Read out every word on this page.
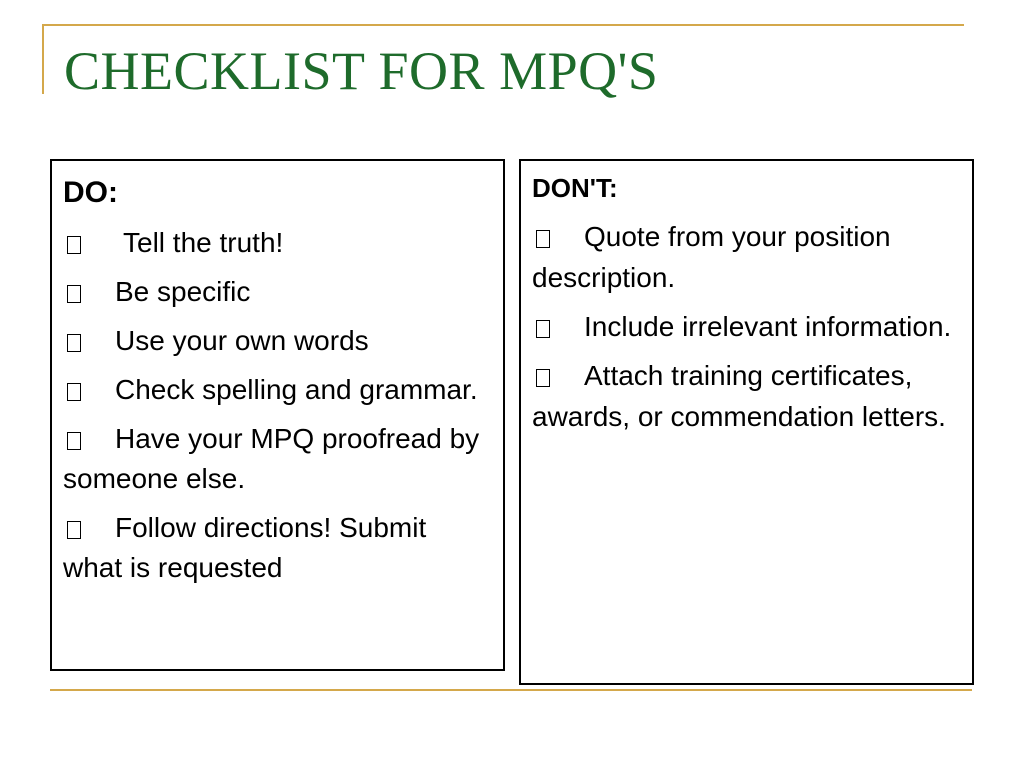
CHECKLIST FOR MPQ'S
DO:
Tell the truth!
Be specific
Use your own words
Check spelling and grammar.
Have your MPQ proofread by someone else.
Follow directions! Submit what is requested
DON'T:
Quote from your position description.
Include irrelevant information.
Attach training certificates, awards, or commendation letters.
